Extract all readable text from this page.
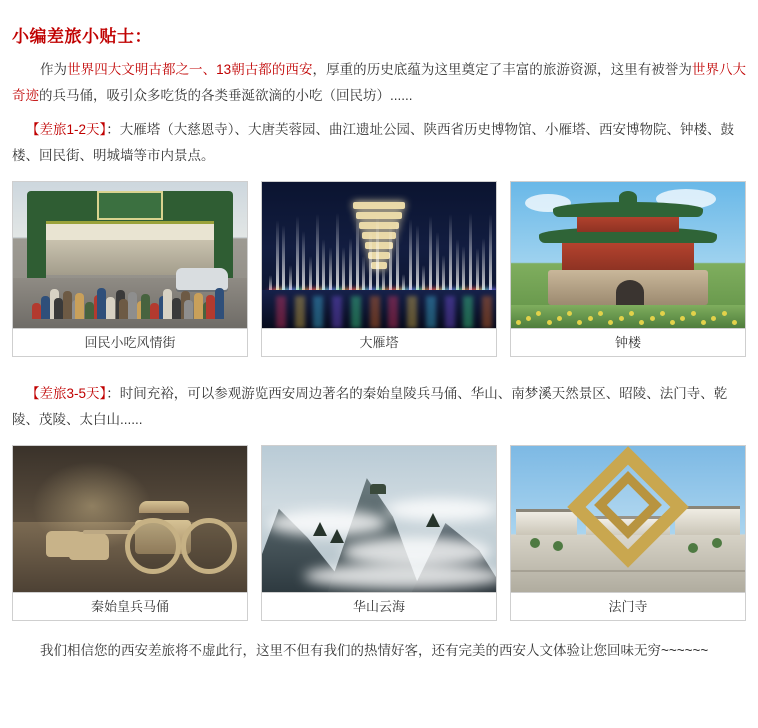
小编差旅小贴士：
作为世界四大文明古都之一、13朝古都的西安，厚重的历史底蕴为这里奠定了丰富的旅游资源，这里有被誉为世界八大奇迹的兵马俑，吸引众多吃货的各类垂涎欲滴的小吃（回民坊）......
【差旅1-2天】：大雁塔（大慈恩寺）、大唐芙蓉园、曲江遗址公园、陕西省历史博物馆、小雁塔、西安博物院、钟楼、鼓楼、回民街、明城墙等市内景点。
回民小吃风情街	大雁塔	钟楼
【差旅3-5天】：时间充裕，可以参观游览西安周边著名的秦始皇陵兵马俑、华山、南梦溪天然景区、昭陵、法门寺、乾陵、茂陵、太白山......
秦始皇兵马俑	华山云海	法门寺
我们相信您的西安差旅将不虚此行，这里不但有我们的热情好客，还有完美的西安人文体验让您回味无穷~~~~~~
